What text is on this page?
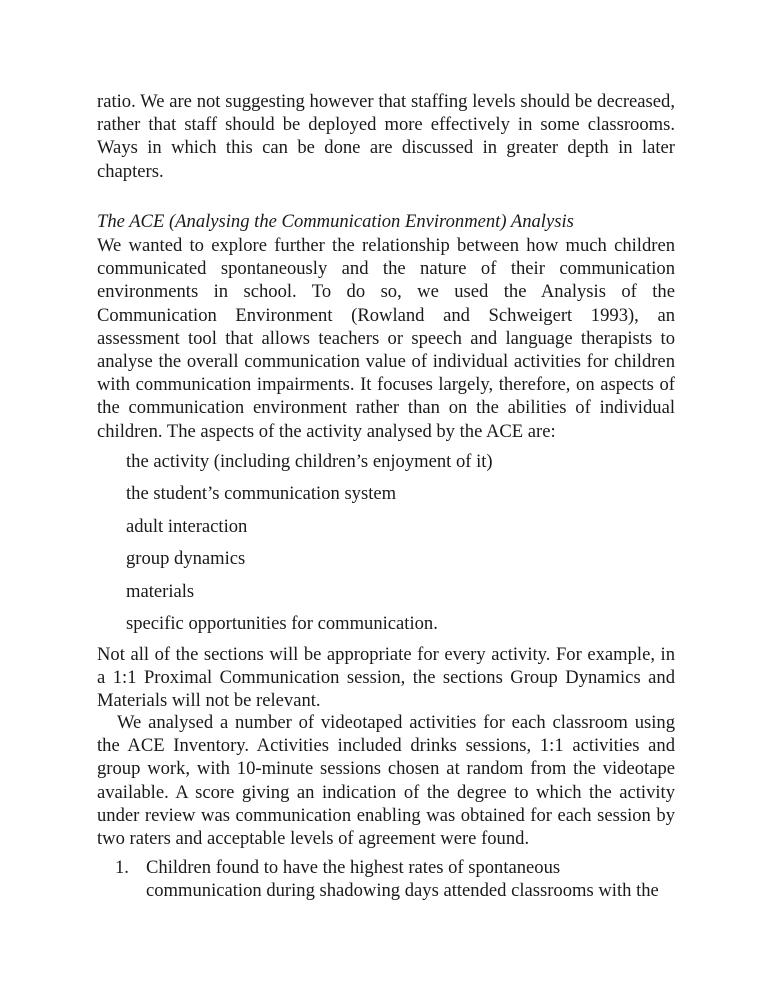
ratio. We are not suggesting however that staffing levels should be decreased, rather that staff should be deployed more effectively in some classrooms. Ways in which this can be done are discussed in greater depth in later chapters.

The ACE (Analysing the Communication Environment) Analysis

We wanted to explore further the relationship between how much children communicated spontaneously and the nature of their communication environments in school. To do so, we used the Analysis of the Communication Environment (Rowland and Schweigert 1993), an assessment tool that allows teachers or speech and language therapists to analyse the overall communication value of individual activities for children with communication impairments. It focuses largely, therefore, on aspects of the communication environment rather than on the abilities of individual children. The aspects of the activity analysed by the ACE are:

the activity (including children’s enjoyment of it)
the student’s communication system
adult interaction
group dynamics
materials
specific opportunities for communication.

Not all of the sections will be appropriate for every activity. For example, in a 1:1 Proximal Communication session, the sections Group Dynamics and Materials will not be relevant.

We analysed a number of videotaped activities for each classroom using the ACE Inventory. Activities included drinks sessions, 1:1 activities and group work, with 10-minute sessions chosen at random from the videotape available. A score giving an indication of the degree to which the activity under review was communication enabling was obtained for each session by two raters and acceptable levels of agreement were found.

1. Children found to have the highest rates of spontaneous communication during shadowing days attended classrooms with the
